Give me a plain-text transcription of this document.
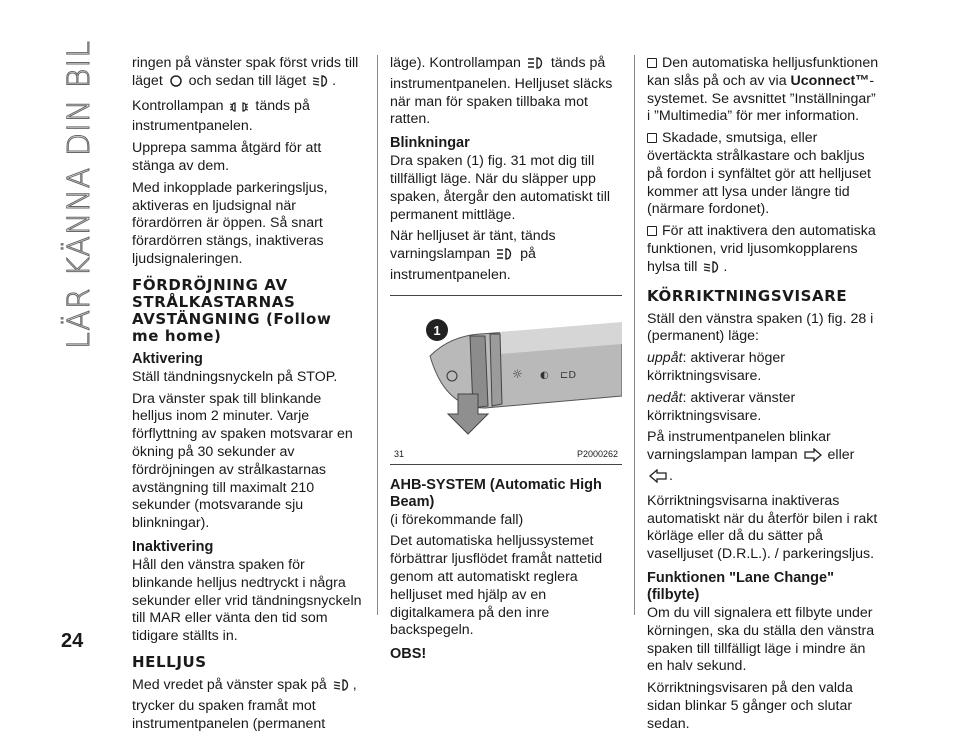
LÄR KÄNNA DIN BIL ringen på vänster spak först vrids till läget och sedan till läget .

Kontrollampan tänds på instrumentpanelen.

Upprepa samma åtgärd för att stänga av dem.

Med inkopplade parkeringsljus, aktiveras en ljudsignal när förardörren är öppen. Så snart förardörren stängs, inaktiveras ljudsignaleringen.

FÖRDRÖJNING AV STRÅLKASTARNAS AVSTÄNGNING (Follow me home)
Aktivering

Ställ tändningsnyckeln på STOP.

Dra vänster spak till blinkande helljus inom 2 minuter. Varje förflyttning av spaken motsvarar en ökning på 30 sekunder av fördröjningen av strålkastarnas avstängning till maximalt 210 sekunder (motsvarande sju blinkningar).

Inaktivering

Håll den vänstra spaken för blinkande helljus nedtryckt i några sekunder eller vrid tändningsnyckeln till MAR eller vänta den tid som tidigare ställts in.

HELLJUS

Med vredet på vänster spak på , trycker du spaken framåt mot instrumentpanelen (permanent

läge). Kontrollampan tänds på instrumentpanelen. Helljuset släcks när man för spaken tillbaka mot ratten.

Blinkningar

Dra spaken (1) fig. 31 mot dig till tillfälligt läge. När du släpper upp spaken, återgår den automatiskt till permanent mittläge.

När helljuset är tänt, tänds varningslampan på instrumentpanelen.

☼ ◐ ⊏D
1
31	P2000262
AHB-SYSTEM (Automatic High Beam)

(i förekommande fall)

Det automatiska helljussystemet förbättrar ljusflödet framåt nattetid genom att automatiskt reglera helljuset med hjälp av en digitalkamera på den inre backspegeln.

OBS!

Den automatiska helljusfunktionen kan slås på och av via Uconnect™-systemet. Se avsnittet ”Inställningar” i ”Multimedia” för mer information.

Skadade, smutsiga, eller övertäckta strålkastare och bakljus på fordon i synfältet gör att helljuset kommer att lysa under längre tid (närmare fordonet).

För att inaktivera den automatiska funktionen, vrid ljusomkopplarens hylsa till .

KÖRRIKTNINGSVISARE

Ställ den vänstra spaken (1) fig. 28 i (permanent) läge:

uppåt: aktiverar höger körriktningsvisare.

nedåt: aktiverar vänster körriktningsvisare.

På instrumentpanelen blinkar varningslampan lampan eller .

Körriktningsvisarna inaktiveras automatiskt när du återför bilen i rakt körläge eller då du sätter på vaselljuset (D.R.L.). / parkeringsljus.

Funktionen "Lane Change" (filbyte)

Om du vill signalera ett filbyte under körningen, ska du ställa den vänstra spaken till tillfälligt läge i mindre än en halv sekund.

Körriktningsvisaren på den valda sidan blinkar 5 gånger och slutar sedan.

24
